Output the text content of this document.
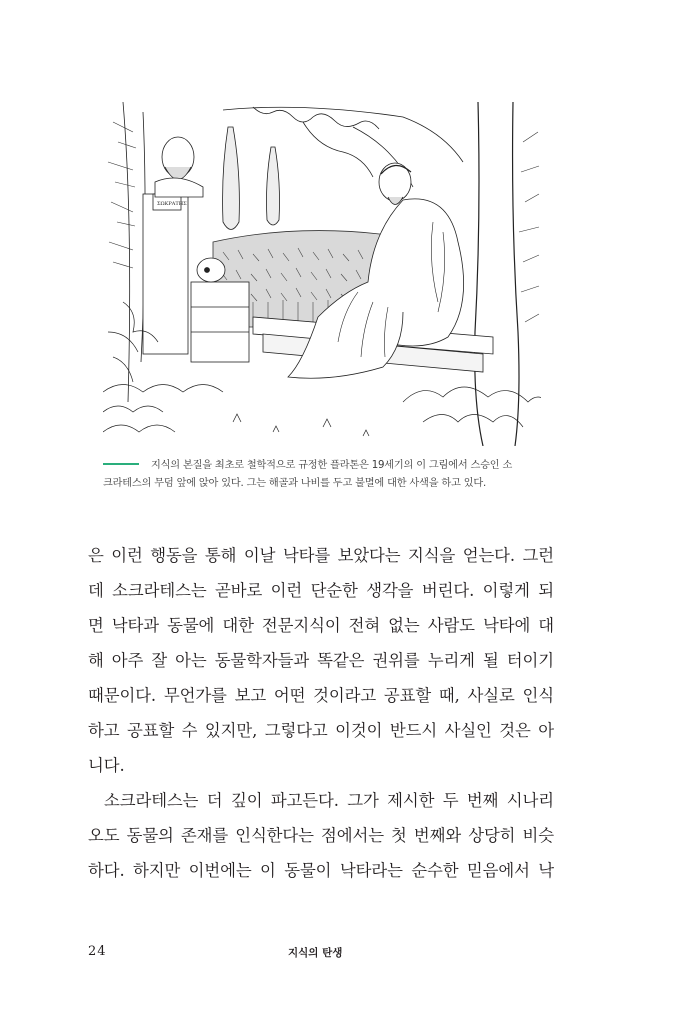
ΣΩΚΡΑΤΗΣ
지식의 본질을 최초로 철학적으로 규정한 플라톤은 19세기의 이 그림에서 스승인 소
크라테스의 무덤 앞에 앉아 있다. 그는 해골과 나비를 두고 불멸에 대한 사색을 하고 있다.

은 이런 행동을 통해 이날 낙타를 보았다는 지식을 얻는다. 그런
데 소크라테스는 곧바로 이런 단순한 생각을 버린다. 이렇게 되
면 낙타과 동물에 대한 전문지식이 전혀 없는 사람도 낙타에 대
해 아주 잘 아는 동물학자들과 똑같은 권위를 누리게 될 터이기
때문이다. 무언가를 보고 어떤 것이라고 공표할 때, 사실로 인식
하고 공표할 수 있지만, 그렇다고 이것이 반드시 사실인 것은 아
니다.

소크라테스는 더 깊이 파고든다. 그가 제시한 두 번째 시나리
오도 동물의 존재를 인식한다는 점에서는 첫 번째와 상당히 비슷
하다. 하지만 이번에는 이 동물이 낙타라는 순수한 믿음에서 낙

24	지식의 탄생
